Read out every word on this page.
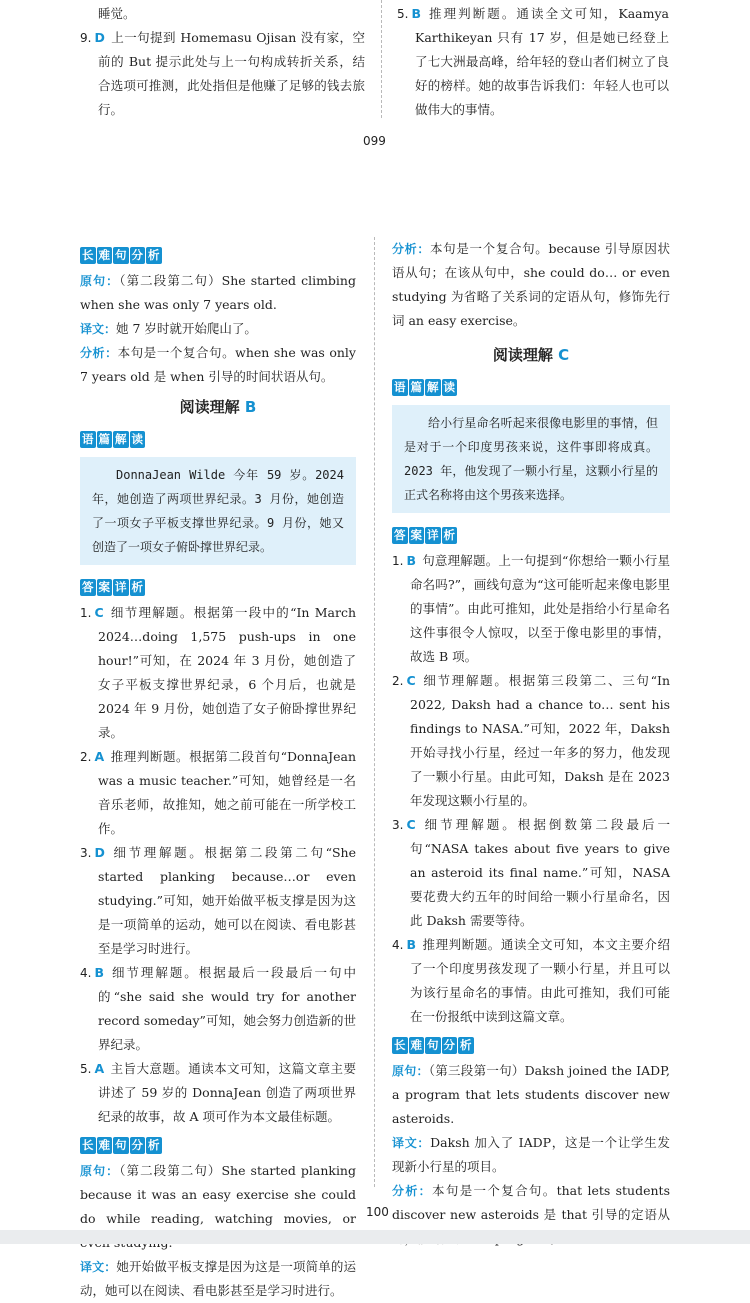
睡觉。

9. D 上一句提到 Homemasu Ojisan 没有家，空前的 But 提示此处与上一句构成转折关系，结合选项可推测，此处指但是他赚了足够的钱去旅行。

5. B 推理判断题。通读全文可知，Kaamya Karthikeyan 只有 17 岁，但是她已经登上了七大洲最高峰，给年轻的登山者们树立了良好的榜样。她的故事告诉我们：年轻人也可以做伟大的事情。

099
长 难 句 分 析

原句：（第二段第二句）She started climbing when she was only 7 years old.

译文：她 7 岁时就开始爬山了。

分析：本句是一个复合句。when she was only 7 years old 是 when 引导的时间状语从句。

阅读理解 B
语 篇 解 读
DonnaJean Wilde 今年 59 岁。2024 年，她创造了两项世界纪录。3 月份，她创造了一项女子平板支撑世界纪录。9 月份，她又创造了一项女子俯卧撑世界纪录。
答 案 详 析

1. C 细节理解题。根据第一段中的“In March 2024…doing 1,575 push-ups in one hour!”可知，在 2024 年 3 月份，她创造了女子平板支撑世界纪录，6 个月后，也就是 2024 年 9 月份，她创造了女子俯卧撑世界纪录。

2. A 推理判断题。根据第二段首句“DonnaJean was a music teacher.”可知，她曾经是一名音乐老师，故推知，她之前可能在一所学校工作。

3. D 细节理解题。根据第二段第二句“She started planking because…or even studying.”可知，她开始做平板支撑是因为这是一项简单的运动，她可以在阅读、看电影甚至是学习时进行。

4. B 细节理解题。根据最后一段最后一句中的“she said she would try for another record someday”可知，她会努力创造新的世界纪录。

5. A 主旨大意题。通读本文可知，这篇文章主要讲述了 59 岁的 DonnaJean 创造了两项世界纪录的故事，故 A 项可作为本文最佳标题。

长 难 句 分 析

原句：（第二段第二句）She started planking because it was an easy exercise she could do while reading, watching movies, or

译文：她开始做平板支撑是因为这是一项简单的运动，她可以在阅读、看电影甚至是学习时进行。

分析：本句是一个复合句。because 引导原因状语从句；在该从句中，she could do… or even studying 为省略了关系词的定语从句，修饰先行词 an easy exercise。

阅读理解 C
语 篇 解 读
给小行星命名听起来很像电影里的事情，但是对于一个印度男孩来说，这件事即将成真。2023 年，他发现了一颗小行星，这颗小行星的正式名称将由这个男孩来选择。
答 案 详 析

1. B 句意理解题。上一句提到“你想给一颗小行星命名吗?”，画线句意为“这可能听起来像电影里的事情”。由此可推知，此处是指给小行星命名这件事很令人惊叹，以至于像电影里的事情，故选 B 项。

2. C 细节理解题。根据第三段第二、三句“In 2022, Daksh had a chance to… sent his findings to NASA.”可知，2022 年，Daksh 开始寻找小行星，经过一年多的努力，他发现了一颗小行星。由此可知，Daksh 是在 2023 年发现这颗小行星的。

3. C 细节理解题。根据倒数第二段最后一句“NASA takes about five years to give an asteroid its final name.”可知，NASA 要花费大约五年的时间给一颗小行星命名，因此 Daksh 需要等待。

4. B 推理判断题。通读全文可知，本文主要介绍了一个印度男孩发现了一颗小行星，并且可以为该行星命名的事情。由此可推知，我们可能在一份报纸中读到这篇文章。

长 难 句 分 析

原句：（第三段第一句）Daksh joined the IADP, a program that lets students discover new asteroids.

译文：Daksh 加入了 IADP，这是一个让学生发现新小行星的项目。

分析：本句是一个复合句。that lets students discover new asteroids 是 that 引导的定语从

100
